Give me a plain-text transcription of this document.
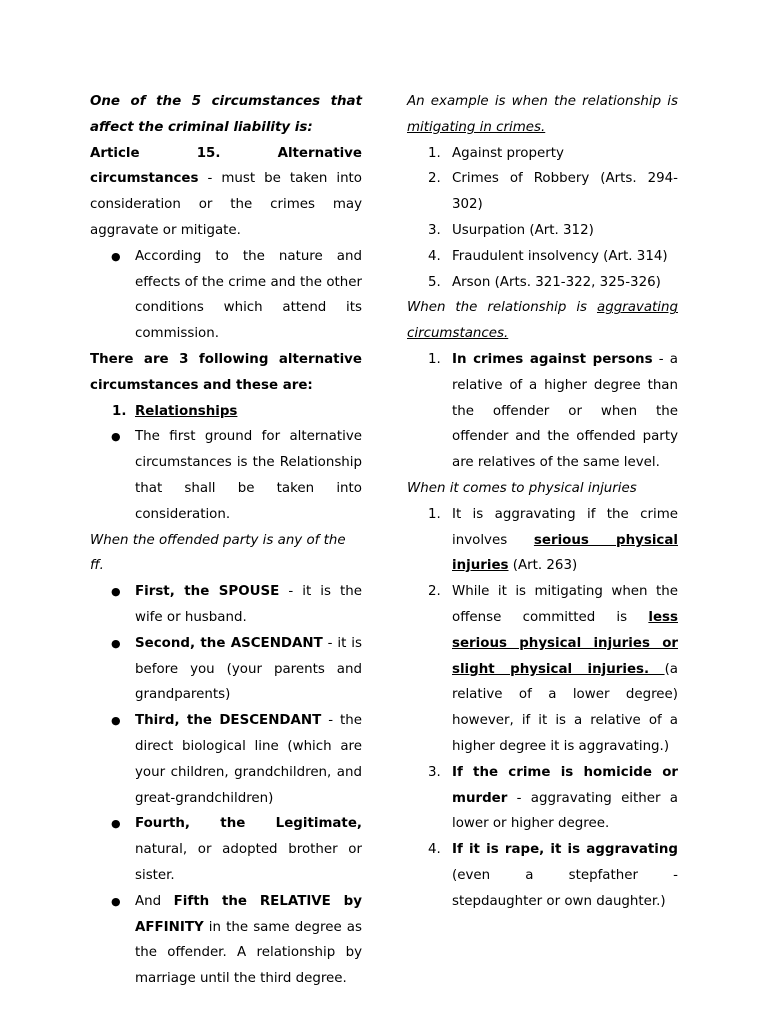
One of the 5 circumstances that affect the criminal liability is:

Article 15. Alternative circumstances - must be taken into consideration or the crimes may aggravate or mitigate.

● According to the nature and effects of the crime and the other conditions which attend its commission.

There are 3 following alternative circumstances and these are:

1. Relationships
● The first ground for alternative circumstances is the Relationship that shall be taken into consideration.

When the offended party is any of the ff.

● First, the SPOUSE - it is the wife or husband.
● Second, the ASCENDANT - it is before you (your parents and grandparents)
● Third, the DESCENDANT - the direct biological line (which are your children, grandchildren, and great-grandchildren)
● Fourth, the Legitimate, natural, or adopted brother or sister.
● And Fifth the RELATIVE by AFFINITY in the same degree as the offender. A relationship by marriage until the third degree.

An example is when the relationship is mitigating in crimes.

1. Against property
2. Crimes of Robbery (Arts. 294-302)
3. Usurpation (Art. 312)
4. Fraudulent insolvency (Art. 314)
5. Arson (Arts. 321-322, 325-326)

When the relationship is aggravating circumstances.

1. In crimes against persons - a relative of a higher degree than the offender or when the offender and the offended party are relatives of the same level.

When it comes to physical injuries

1. It is aggravating if the crime involves serious physical injuries (Art. 263)
2. While it is mitigating when the offense committed is less serious physical injuries or slight physical injuries. (a relative of a lower degree) however, if it is a relative of a higher degree it is aggravating.)
3. If the crime is homicide or murder - aggravating either a lower or higher degree.
4. If it is rape, it is aggravating (even a stepfather - stepdaughter or own daughter.)
